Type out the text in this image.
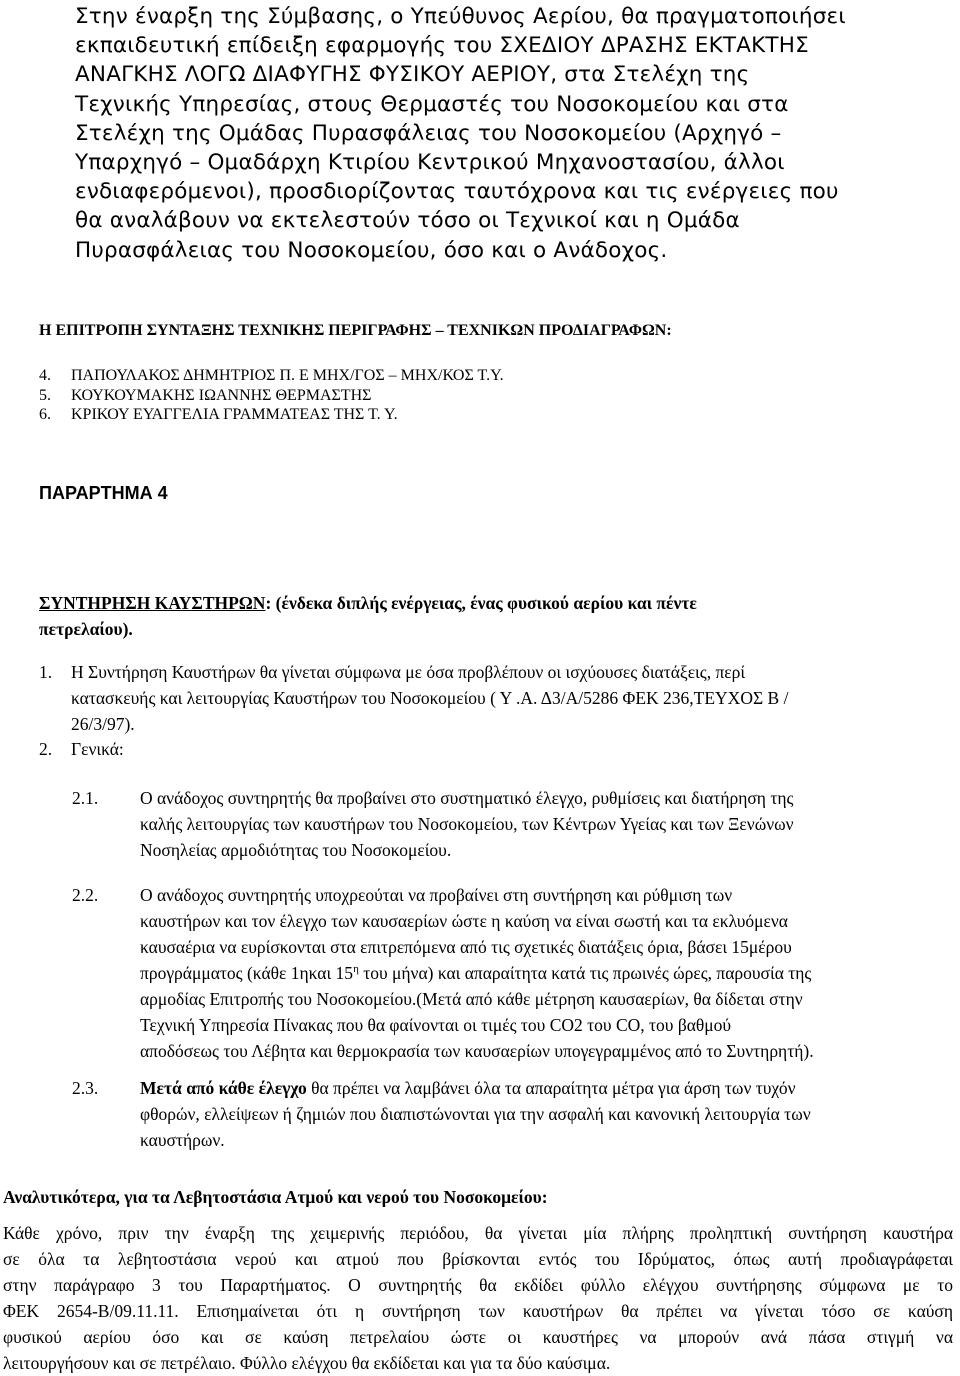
Στην έναρξη της Σύμβασης, ο Υπεύθυνος Αερίου, θα πραγματοποιήσει
εκπαιδευτική επίδειξη εφαρμογής του ΣΧΕΔΙΟΥ ΔΡΑΣΗΣ ΕΚΤΑΚΤΗΣ
ΑΝΑΓΚΗΣ ΛΟΓΩ ΔΙΑΦΥΓΗΣ ΦΥΣΙΚΟΥ ΑΕΡΙΟΥ, στα Στελέχη της
Τεχνικής Υπηρεσίας, στους Θερμαστές του Νοσοκομείου και στα
Στελέχη της Ομάδας Πυρασφάλειας του Νοσοκομείου (Αρχηγό –
Υπαρχηγό – Ομαδάρχη Κτιρίου Κεντρικού Μηχανοστασίου, άλλοι
ενδιαφερόμενοι), προσδιορίζοντας ταυτόχρονα και τις ενέργειες που
θα αναλάβουν να εκτελεστούν τόσο οι Τεχνικοί και η Ομάδα
Πυρασφάλειας του Νοσοκομείου, όσο και ο Ανάδοχος.
Η ΕΠΙΤΡΟΠΗ ΣΥΝΤΑΞΗΣ ΤΕΧΝΙΚΗΣ ΠΕΡΙΓΡΑΦΗΣ – ΤΕΧΝΙΚΩΝ ΠΡΟΔΙΑΓΡΑΦΩΝ:
4. ΠΑΠΟΥΛΑΚΟΣ ΔΗΜΗΤΡΙΟΣ Π. Ε ΜΗΧ/ΓΟΣ – ΜΗΧ/ΚΟΣ Τ.Υ.
5. ΚΟΥΚΟΥΜΑΚΗΣ ΙΩΑΝΝΗΣ ΘΕΡΜΑΣΤΗΣ
6. ΚΡΙΚΟΥ ΕΥΑΓΓΕΛΙΑ ΓΡΑΜΜΑΤΕΑΣ ΤΗΣ Τ. Υ.
ΠΑΡΑΡΤΗΜΑ 4
ΣΥΝΤΗΡΗΣΗ ΚΑΥΣΤΗΡΩΝ: (ένδεκα διπλής ενέργειας, ένας φυσικού αερίου και πέντε
πετρελαίου).
1. Η Συντήρηση Καυστήρων θα γίνεται σύμφωνα με όσα προβλέπουν οι ισχύουσες διατάξεις, περί
κατασκευής και λειτουργίας Καυστήρων του Νοσοκομείου ( Υ .Α. Δ3/Α/5286 ΦΕΚ 236,ΤΕΥΧΟΣ Β /
26/3/97).
2. Γενικά:
2.1. Ο ανάδοχος συντηρητής θα προβαίνει στο συστηματικό έλεγχο, ρυθμίσεις και διατήρηση της
καλής λειτουργίας των καυστήρων του Νοσοκομείου, των Κέντρων Υγείας και των Ξενώνων
Νοσηλείας αρμοδιότητας του Νοσοκομείου.
2.2. Ο ανάδοχος συντηρητής υποχρεούται να προβαίνει στη συντήρηση και ρύθμιση των
καυστήρων και τον έλεγχο των καυσαερίων ώστε η καύση να είναι σωστή και τα εκλυόμενα
καυσαέρια να ευρίσκονται στα επιτρεπόμενα από τις σχετικές διατάξεις όρια, βάσει 15μέρου
προγράμματος (κάθε 1ηκαι $15^\eta$ του μήνα) και απαραίτητα κατά τις πρωινές ώρες, παρουσία της
αρμοδίας Επιτροπής του Νοσοκομείου.(Μετά από κάθε μέτρηση καυσαερίων, θα δίδεται στην
Τεχνική Υπηρεσία Πίνακας που θα φαίνονται οι τιμές του CO2 του CO, του βαθμού
αποδόσεως του Λέβητα και θερμοκρασία των καυσαερίων υπογεγραμμένος από το Συντηρητή).
2.3. Μετά από κάθε έλεγχο θα πρέπει να λαμβάνει όλα τα απαραίτητα μέτρα για άρση των τυχόν
φθορών, ελλείψεων ή ζημιών που διαπιστώνονται για την ασφαλή και κανονική λειτουργία των
καυστήρων.
Αναλυτικότερα, για τα Λεβητοστάσια Ατμού και νερού του Νοσοκομείου:
Κάθε χρόνο, πριν την έναρξη της χειμερινής περιόδου, θα γίνεται μία πλήρης προληπτική συντήρηση καυστήρα
σε όλα τα λεβητοστάσια νερού και ατμού που βρίσκονται εντός του Ιδρύματος, όπως αυτή προδιαγράφεται
στην παράγραφο 3 του Παραρτήματος. Ο συντηρητής θα εκδίδει φύλλο ελέγχου συντήρησης σύμφωνα με το
ΦΕΚ 2654-Β/09.11.11. Επισημαίνεται ότι η συντήρηση των καυστήρων θα πρέπει να γίνεται τόσο σε καύση
φυσικού αερίου όσο και σε καύση πετρελαίου ώστε οι καυστήρες να μπορούν ανά πάσα στιγμή να
λειτουργήσουν και σε πετρέλαιο. Φύλλο ελέγχου θα εκδίδεται και για τα δύο καύσιμα.
